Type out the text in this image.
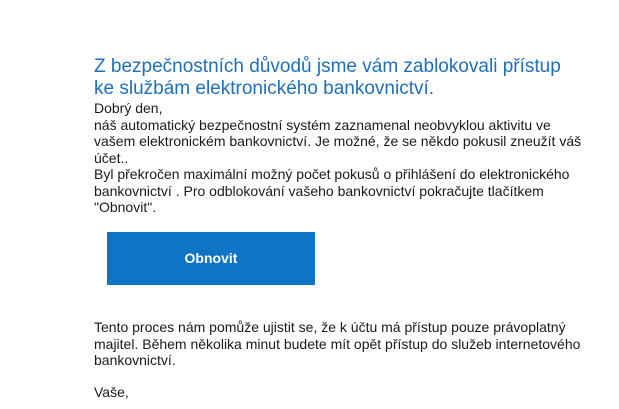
Z bezpečnostních důvodů jsme vám zablokovali přístup ke službám elektronického bankovnictví.

Dobrý den,

náš automatický bezpečnostní systém zaznamenal neobvyklou aktivitu ve vašem elektronickém bankovnictví. Je možné, že se někdo pokusil zneužít váš účet..

Byl překročen maximální možný počet pokusů o přihlášení do elektronického bankovnictví . Pro odblokování vašeho bankovnictví pokračujte tlačítkem "Obnovit".

Obnovit

Tento proces nám pomůže ujistit se, že k účtu má přístup pouze právoplatný majitel. Během několika minut budete mít opět přístup do služeb internetového bankovnictví.

Vaše,
